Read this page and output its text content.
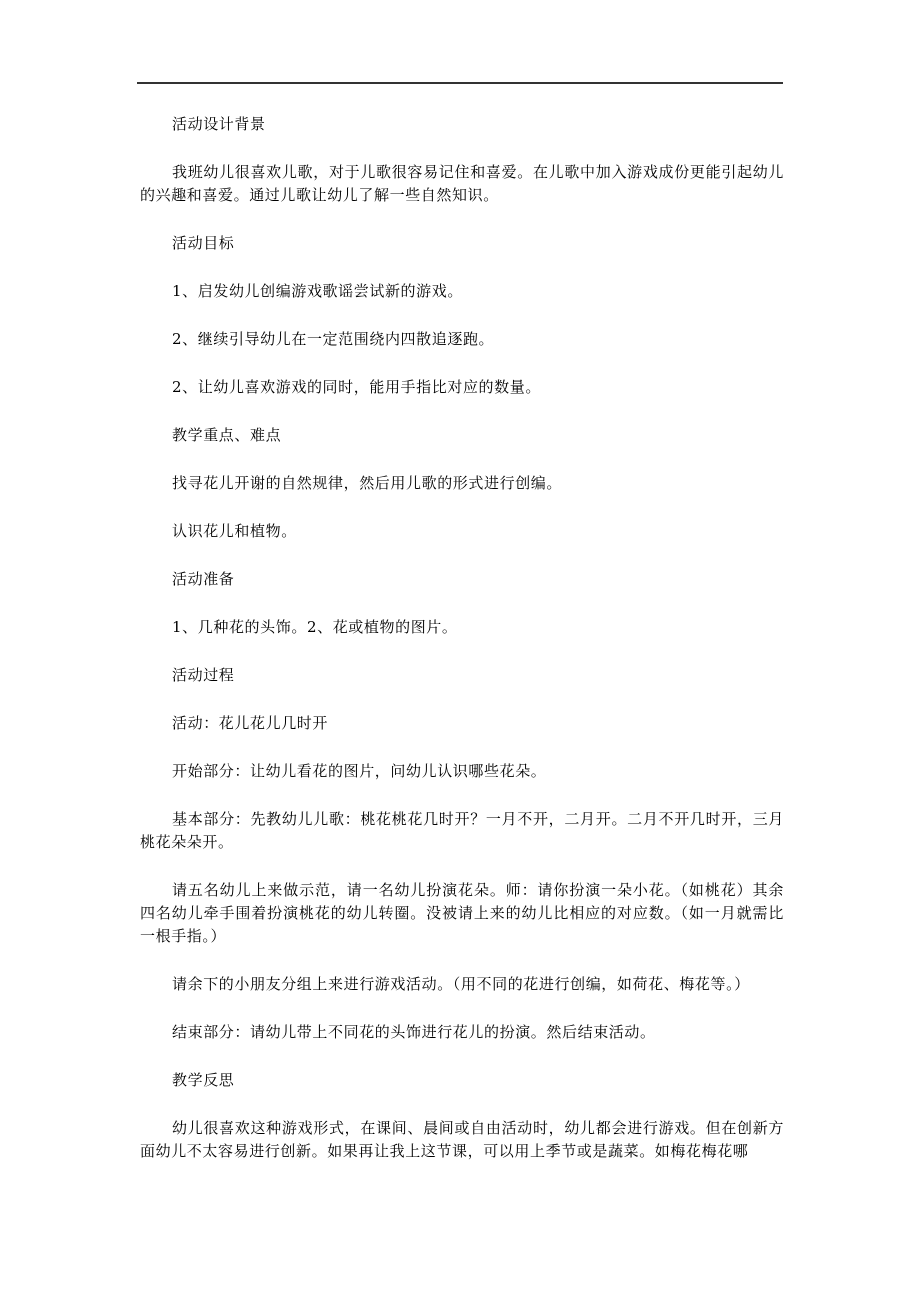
活动设计背景

我班幼儿很喜欢儿歌，对于儿歌很容易记住和喜爱。在儿歌中加入游戏成份更能引起幼儿的兴趣和喜爱。通过儿歌让幼儿了解一些自然知识。

活动目标

1、启发幼儿创编游戏歌谣尝试新的游戏。

2、继续引导幼儿在一定范围绕内四散追逐跑。

2、让幼儿喜欢游戏的同时，能用手指比对应的数量。

教学重点、难点

找寻花儿开谢的自然规律，然后用儿歌的形式进行创编。

认识花儿和植物。

活动准备

1、几种花的头饰。2、花或植物的图片。

活动过程

活动：花儿花儿几时开

开始部分：让幼儿看花的图片，问幼儿认识哪些花朵。

基本部分：先教幼儿儿歌：桃花桃花几时开？一月不开，二月开。二月不开几时开，三月桃花朵朵开。

请五名幼儿上来做示范，请一名幼儿扮演花朵。师：请你扮演一朵小花。（如桃花）其余四名幼儿牵手围着扮演桃花的幼儿转圈。没被请上来的幼儿比相应的对应数。（如一月就需比一根手指。）

请余下的小朋友分组上来进行游戏活动。（用不同的花进行创编，如荷花、梅花等。）

结束部分：请幼儿带上不同花的头饰进行花儿的扮演。然后结束活动。

教学反思

幼儿很喜欢这种游戏形式，在课间、晨间或自由活动时，幼儿都会进行游戏。但在创新方面幼儿不太容易进行创新。如果再让我上这节课，可以用上季节或是蔬菜。如梅花梅花哪
